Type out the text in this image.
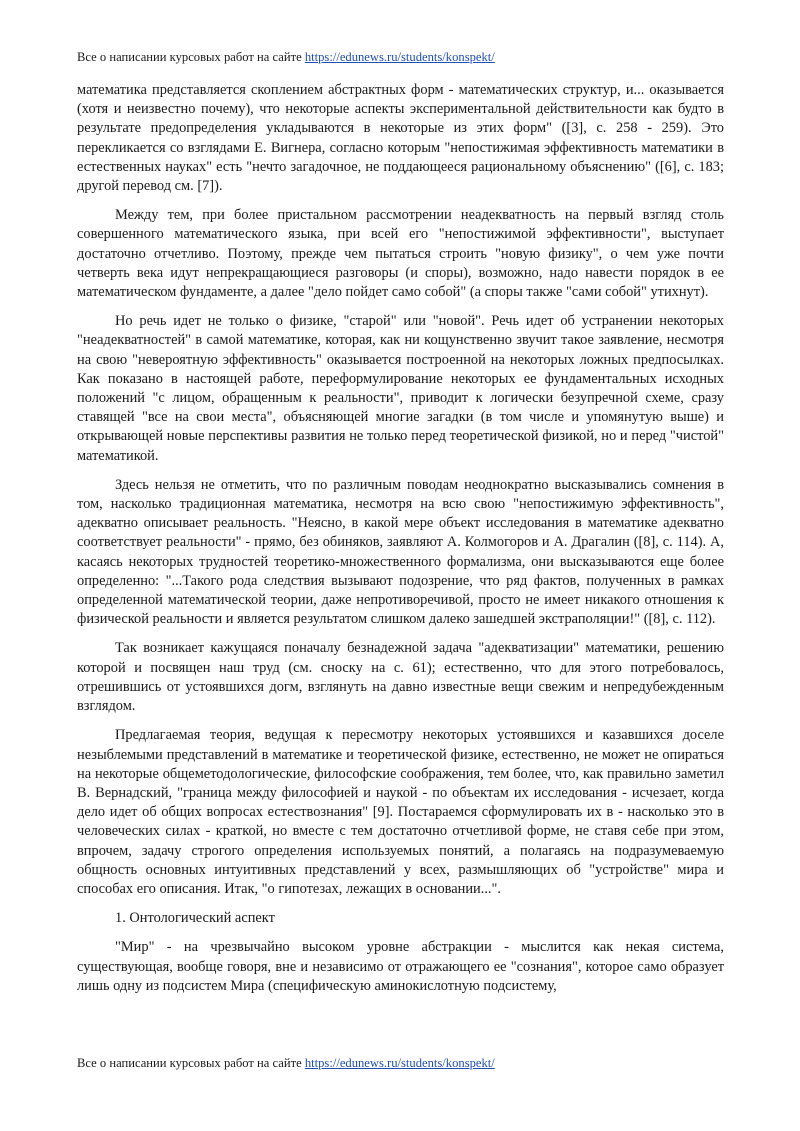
Все о написании курсовых работ на сайте https://edunews.ru/students/konspekt/

математика представляется скоплением абстрактных форм - математических структур, и... оказывается (хотя и неизвестно почему), что некоторые аспекты экспериментальной действительности как будто в результате предопределения укладываются в некоторые из этих форм" ([3], с. 258 - 259). Это перекликается со взглядами Е. Вигнера, согласно которым "непостижимая эффективность математики в естественных науках" есть "нечто загадочное, не поддающееся рациональному объяснению" ([6], с. 183; другой перевод см. [7]).

Между тем, при более пристальном рассмотрении неадекватность на первый взгляд столь совершенного математического языка, при всей его "непостижимой эффективности", выступает достаточно отчетливо. Поэтому, прежде чем пытаться строить "новую физику", о чем уже почти четверть века идут непрекращающиеся разговоры (и споры), возможно, надо навести порядок в ее математическом фундаменте, а далее "дело пойдет само собой" (а споры также "сами собой" утихнут).

Но речь идет не только о физике, "старой" или "новой". Речь идет об устранении некоторых "неадекватностей" в самой математике, которая, как ни кощунственно звучит такое заявление, несмотря на свою "невероятную эффективность" оказывается построенной на некоторых ложных предпосылках. Как показано в настоящей работе, переформулирование некоторых ее фундаментальных исходных положений "с лицом, обращенным к реальности", приводит к логически безупречной схеме, сразу ставящей "все на свои места", объясняющей многие загадки (в том числе и упомянутую выше) и открывающей новые перспективы развития не только перед теоретической физикой, но и перед "чистой" математикой.

Здесь нельзя не отметить, что по различным поводам неоднократно высказывались сомнения в том, насколько традиционная математика, несмотря на всю свою "непостижимую эффективность", адекватно описывает реальность. "Неясно, в какой мере объект исследования в математике адекватно соответствует реальности" - прямо, без обиняков, заявляют А. Колмогоров и А. Драгалин ([8], с. 114). А, касаясь некоторых трудностей теоретико-множественного формализма, они высказываются еще более определенно: "...Такого рода следствия вызывают подозрение, что ряд фактов, полученных в рамках определенной математической теории, даже непротиворечивой, просто не имеет никакого отношения к физической реальности и является результатом слишком далеко зашедшей экстраполяции!" ([8], с. 112).

Так возникает кажущаяся поначалу безнадежной задача "адекватизации" математики, решению которой и посвящен наш труд (см. сноску на с. 61); естественно, что для этого потребовалось, отрешившись от устоявшихся догм, взглянуть на давно известные вещи свежим и непредубежденным взглядом.

Предлагаемая теория, ведущая к пересмотру некоторых устоявшихся и казавшихся доселе незыблемыми представлений в математике и теоретической физике, естественно, не может не опираться на некоторые общеметодологические, философские соображения, тем более, что, как правильно заметил В. Вернадский, "граница между философией и наукой - по объектам их исследования - исчезает, когда дело идет об общих вопросах естествознания" [9]. Постараемся сформулировать их в - насколько это в человеческих силах - краткой, но вместе с тем достаточно отчетливой форме, не ставя себе при этом, впрочем, задачу строгого определения используемых понятий, а полагаясь на подразумеваемую общность основных интуитивных представлений у всех, размышляющих об "устройстве" мира и способах его описания. Итак, "о гипотезах, лежащих в основании...".

1. Онтологический аспект

"Мир" - на чрезвычайно высоком уровне абстракции - мыслится как некая система, существующая, вообще говоря, вне и независимо от отражающего ее "сознания", которое само образует лишь одну из подсистем Мира (специфическую аминокислотную подсистему,

Все о написании курсовых работ на сайте https://edunews.ru/students/konspekt/
